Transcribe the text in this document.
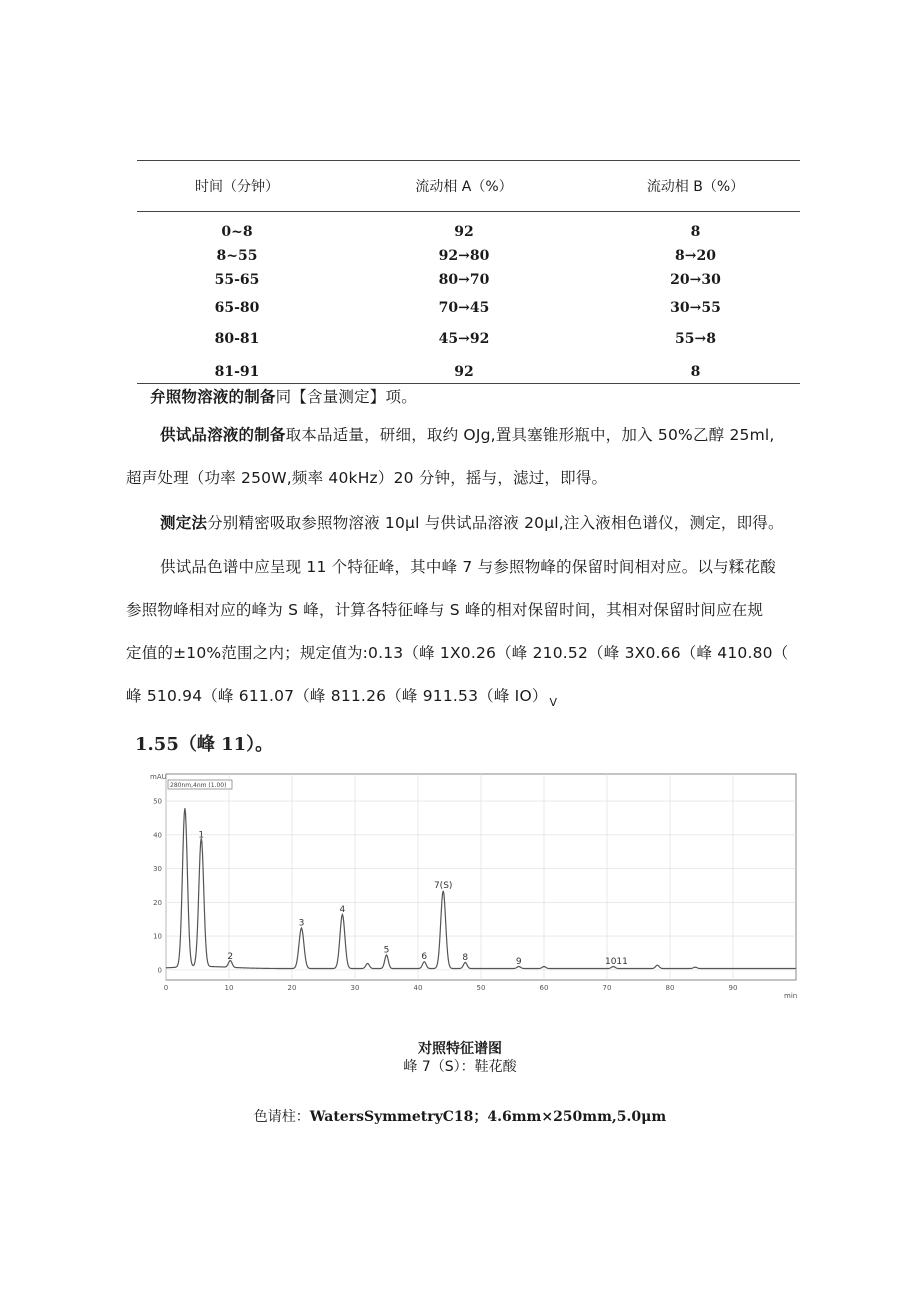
时间（分钟）	流动相 A（%）	流动相 B（%）
0~8	92	8
8~55	92→80	8→20
55-65	80→70	20→30
65-80	70→45	30→55
80-81	45→92	55→8
81-91	92	8
弁照物溶液的制备同【含量测定】项。
供试品溶液的制备取本品适量，研细，取约 OJg,置具塞锥形瓶中，加入 50%乙醇 25ml,
超声处理（功率 250W,频率 40kHz）20 分钟，摇与，滤过，即得。
测定法分别精密吸取参照物溶液 10μl 与供试品溶液 20μl,注入液相色谱仪，测定，即得。
供试品色谱中应呈现 11 个特征峰，其中峰 7 与参照物峰的保留时间相对应。以与糅花酸
参照物峰相对应的峰为 S 峰，计算各特征峰与 S 峰的相对保留时间，其相对保留时间应在规
定值的±10%范围之内；规定值为:0.13（峰 1X0.26（峰 210.52（峰 3X0.66（峰 410.80（
峰 510.94（峰 611.07（峰 811.26（峰 911.53（峰 IO） $_V$
1.55（峰 11）。
0
10
20
30
40
50
0	10	20	30	40	50	60	70	80	90
mAU
280nm,4nm (1.00)
min
1
2
3
4
5
6
7(S)
8	9	1011
对照特征谱图
峰 7（S）：鞋花酸
色请柱：WatersSymmetryC18；4.6mm×250mm,5.0μm
